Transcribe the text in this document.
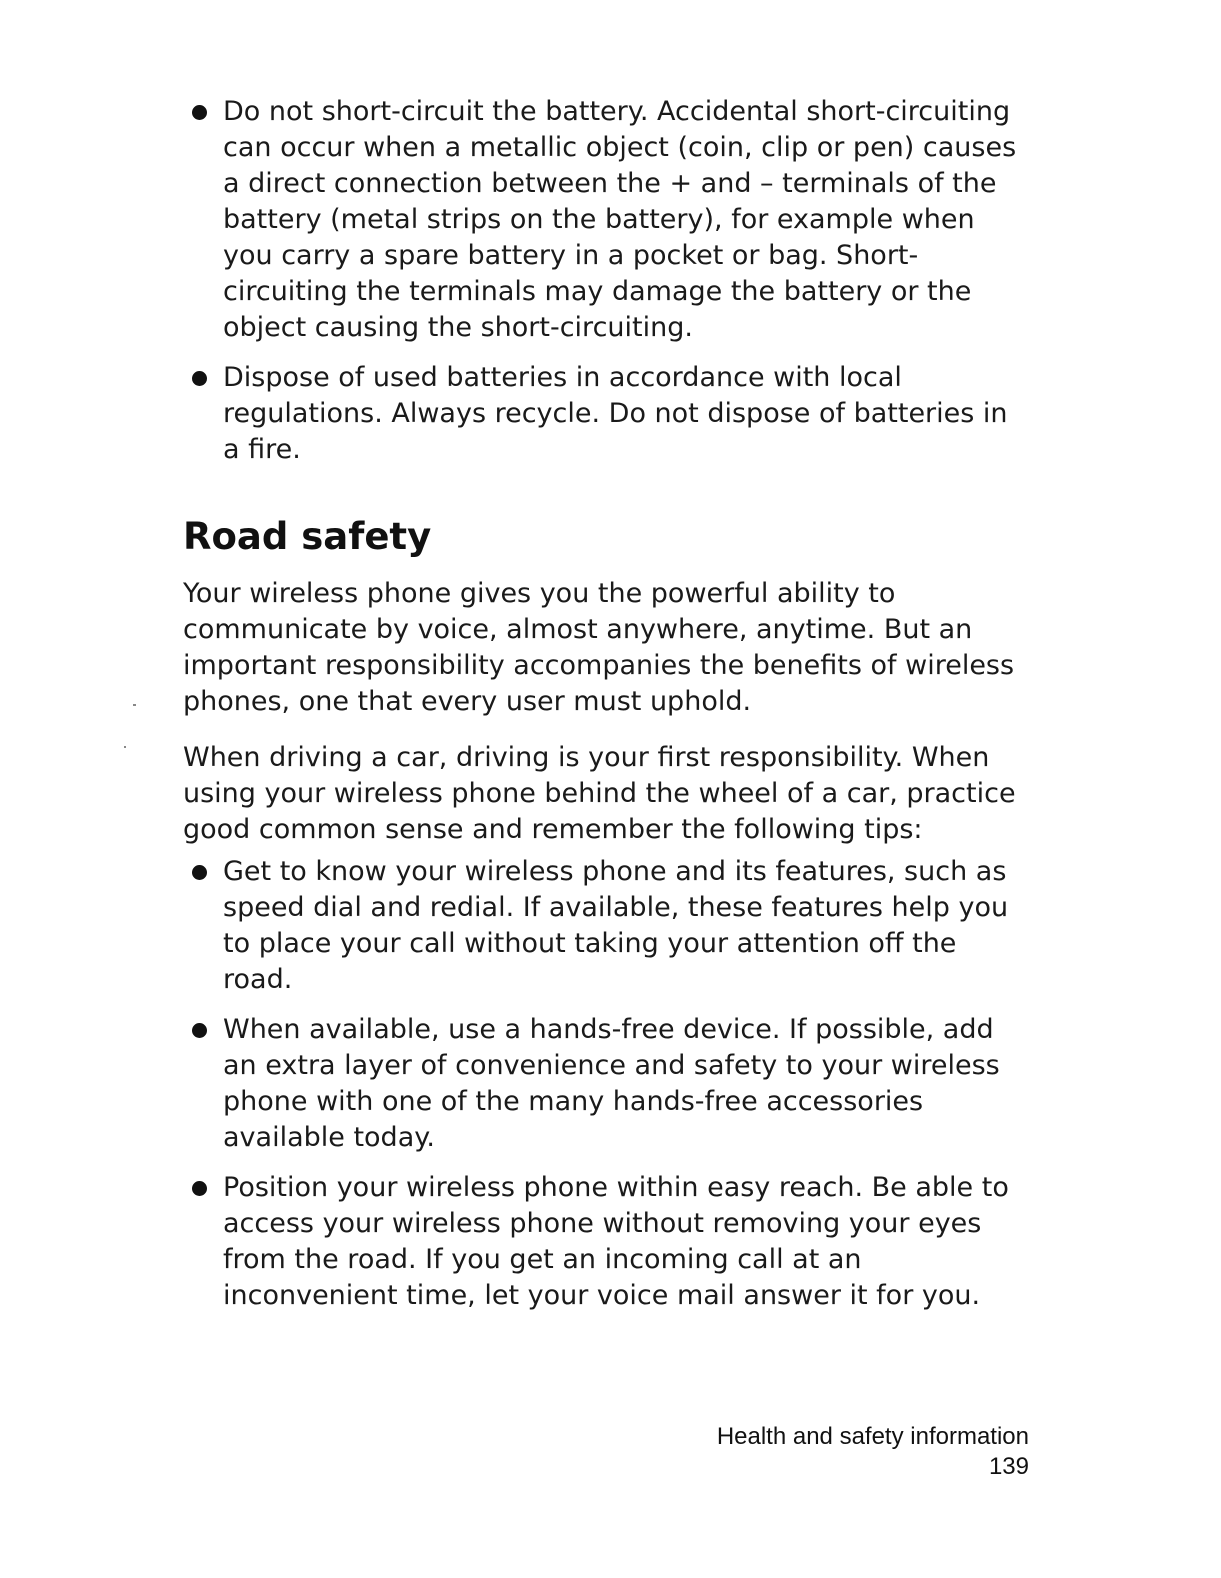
Do not short-circuit the battery. Accidental short-circuiting can occur when a metallic object (coin, clip or pen) causes a direct connection between the + and – terminals of the battery (metal strips on the battery), for example when you carry a spare battery in a pocket or bag. Short-circuiting the terminals may damage the battery or the object causing the short-circuiting.
Dispose of used batteries in accordance with local regulations. Always recycle. Do not dispose of batteries in a fire.
Road safety

Your wireless phone gives you the powerful ability to communicate by voice, almost anywhere, anytime. But an important responsibility accompanies the benefits of wireless phones, one that every user must uphold.

When driving a car, driving is your first responsibility. When using your wireless phone behind the wheel of a car, practice good common sense and remember the following tips:

Get to know your wireless phone and its features, such as speed dial and redial. If available, these features help you to place your call without taking your attention off the road.
When available, use a hands-free device. If possible, add an extra layer of convenience and safety to your wireless phone with one of the many hands-free accessories available today.
Position your wireless phone within easy reach. Be able to access your wireless phone without removing your eyes from the road. If you get an incoming call at an inconvenient time, let your voice mail answer it for you.
Health and safety information
139
